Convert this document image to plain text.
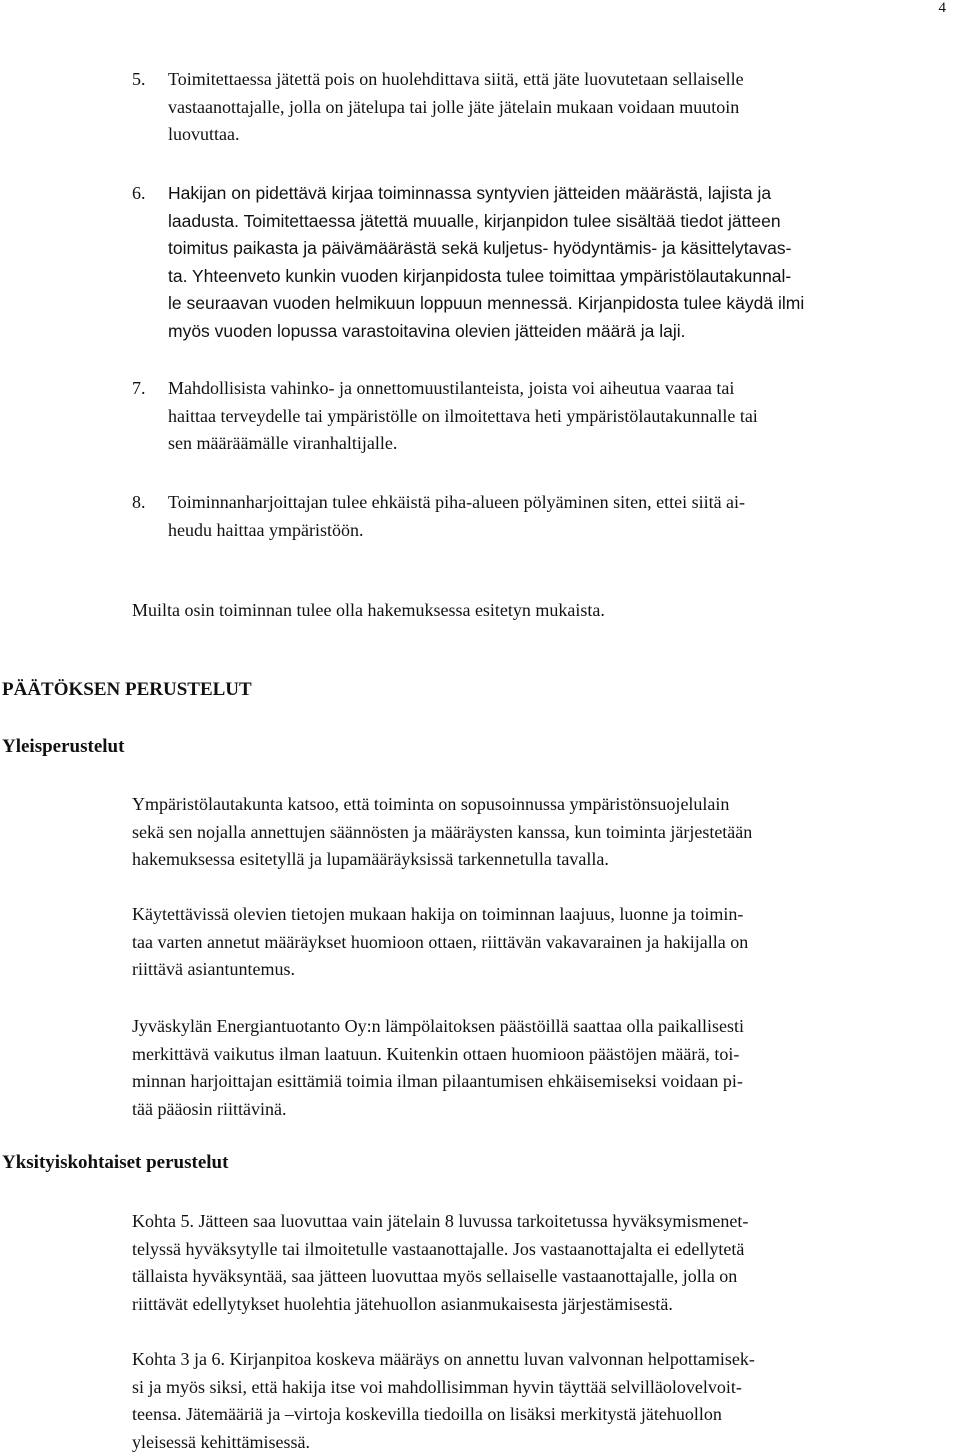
4
5. Toimitettaessa jätettä pois on huolehdittava siitä, että jäte luovutetaan sellaiselle
vastaanottajalle, jolla on jätelupa tai jolle jäte jätelain mukaan voidaan muutoin
luovuttaa.
6. Hakijan on pidettävä kirjaa toiminnassa syntyvien jätteiden määrästä, lajista ja
laadusta. Toimitettaessa jätettä muualle, kirjanpidon tulee sisältää tiedot jätteen
toimitus paikasta ja päivämäärästä sekä kuljetus- hyödyntämis- ja käsittelytavas-
ta. Yhteenveto kunkin vuoden kirjanpidosta tulee toimittaa ympäristölautakunnal-
le seuraavan vuoden helmikuun loppuun mennessä. Kirjanpidosta tulee käydä ilmi
myös vuoden lopussa varastoitavina olevien jätteiden määrä ja laji.
7. Mahdollisista vahinko- ja onnettomuustilanteista, joista voi aiheutua vaaraa tai
haittaa terveydelle tai ympäristölle on ilmoitettava heti ympäristölautakunnalle tai
sen määräämälle viranhaltijalle.
8. Toiminnanharjoittajan tulee ehkäistä piha-alueen pölyäminen siten, ettei siitä ai-
heudu haittaa ympäristöön.
Muilta osin toiminnan tulee olla hakemuksessa esitetyn mukaista.
PÄÄTÖKSEN PERUSTELUT
Yleisperustelut
Ympäristölautakunta katsoo, että toiminta on sopusoinnussa ympäristönsuojelulain
sekä sen nojalla annettujen säännösten ja määräysten kanssa, kun toiminta järjestetään
hakemuksessa esitetyllä ja lupamääräyksissä tarkennetulla tavalla.
Käytettävissä olevien tietojen mukaan hakija on toiminnan laajuus, luonne ja toimin-
taa varten annetut määräykset huomioon ottaen, riittävän vakavarainen ja hakijalla on
riittävä asiantuntemus.
Jyväskylän Energiantuotanto Oy:n lämpölaitoksen päästöillä saattaa olla paikallisesti
merkittävä vaikutus ilman laatuun. Kuitenkin ottaen huomioon päästöjen määrä, toi-
minnan harjoittajan esittämiä toimia ilman pilaantumisen ehkäisemiseksi voidaan pi-
tää pääosin riittävinä.
Yksityiskohtaiset perustelut
Kohta 5. Jätteen saa luovuttaa vain jätelain 8 luvussa tarkoitetussa hyväksymismenet-
telyssä hyväksytylle tai ilmoitetulle vastaanottajalle. Jos vastaanottajalta ei edellytetä
tällaista hyväksyntää, saa jätteen luovuttaa myös sellaiselle vastaanottajalle, jolla on
riittävät edellytykset huolehtia jätehuollon asianmukaisesta järjestämisestä.
Kohta 3 ja 6. Kirjanpitoa koskeva määräys on annettu luvan valvonnan helpottamisek-
si ja myös siksi, että hakija itse voi mahdollisimman hyvin täyttää selvilläolovelvoit-
teensa. Jätemääriä ja –virtoja koskevilla tiedoilla on lisäksi merkitystä jätehuollon
yleisessä kehittämisessä.
